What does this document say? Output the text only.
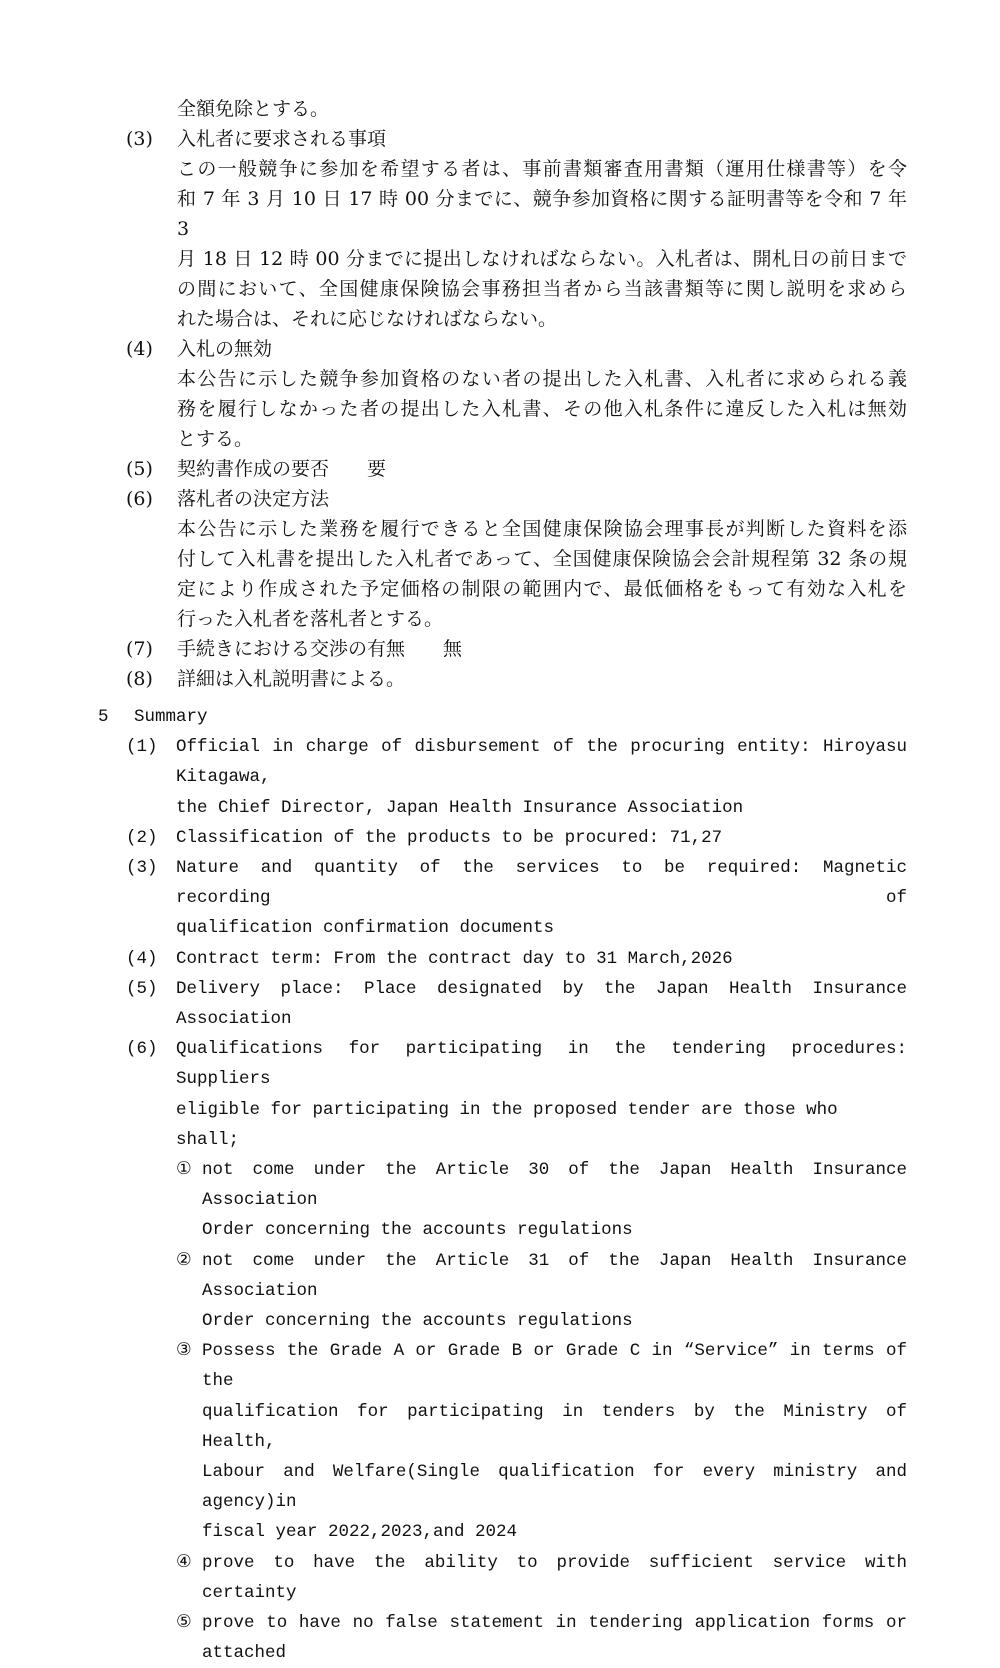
全額免除とする。
(3) 入札者に要求される事項
この一般競争に参加を希望する者は、事前書類審査用書類（運用仕様書等）を令
和 7 年 3 月 10 日 17 時 00 分までに、競争参加資格に関する証明書等を令和 7 年 3
月 18 日 12 時 00 分までに提出しなければならない。入札者は、開札日の前日まで
の間において、全国健康保険協会事務担当者から当該書類等に関し説明を求めら
れた場合は、それに応じなければならない。
(4) 入札の無効
本公告に示した競争参加資格のない者の提出した入札書、入札者に求められる義
務を履行しなかった者の提出した入札書、その他入札条件に違反した入札は無効
とする。
(5) 契約書作成の要否　　要
(6) 落札者の決定方法
本公告に示した業務を履行できると全国健康保険協会理事長が判断した資料を添
付して入札書を提出した入札者であって、全国健康保険協会会計規程第 32 条の規
定により作成された予定価格の制限の範囲内で、最低価格をもって有効な入札を
行った入札者を落札者とする。
(7) 手続きにおける交渉の有無　　無
(8) 詳細は入札説明書による。
5 Summary
(1) Official in charge of disbursement of the procuring entity: Hiroyasu Kitagawa,
the Chief Director, Japan Health Insurance Association
(2) Classification of the products to be procured: 71,27
(3) Nature and quantity of the services to be required: Magnetic recording of
qualification confirmation documents
(4) Contract term: From the contract day to 31 March,2026
(5) Delivery place: Place designated by the Japan Health Insurance Association
(6) Qualifications for participating in the tendering procedures: Suppliers
eligible for participating in the proposed tender are those who shall;
① not come under the Article 30 of the Japan Health Insurance Association
Order concerning the accounts regulations
② not come under the Article 31 of the Japan Health Insurance Association
Order concerning the accounts regulations
③ Possess the Grade A or Grade B or Grade C in “Service” in terms of the
qualification for participating in tenders by the Ministry of Health,
Labour and Welfare(Single qualification for every ministry and agency)in
fiscal year 2022,2023,and 2024
④ prove to have the ability to provide sufficient service with certainty
⑤ prove to have no false statement in tendering application forms or attached
